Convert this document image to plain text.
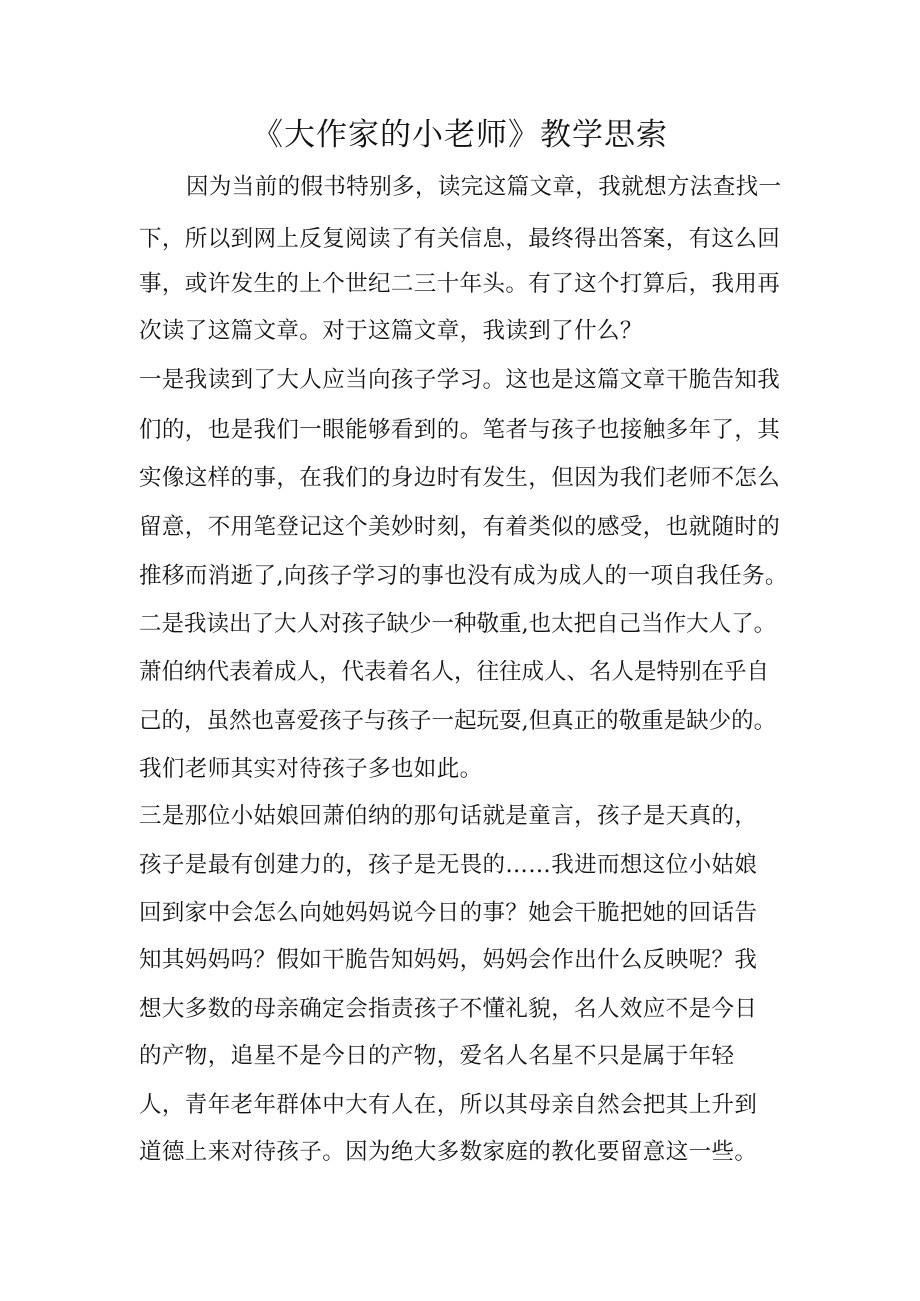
《大作家的小老师》教学思索
因为当前的假书特别多，读完这篇文章，我就想方法查找一
下，所以到网上反复阅读了有关信息，最终得出答案，有这么回
事，或许发生的上个世纪二三十年头。有了这个打算后，我用再
次读了这篇文章。对于这篇文章，我读到了什么？
一是我读到了大人应当向孩子学习。这也是这篇文章干脆告知我
们的，也是我们一眼能够看到的。笔者与孩子也接触多年了，其
实像这样的事，在我们的身边时有发生，但因为我们老师不怎么
留意，不用笔登记这个美妙时刻，有着类似的感受，也就随时的
推移而消逝了,向孩子学习的事也没有成为成人的一项自我任务。
二是我读出了大人对孩子缺少一种敬重,也太把自己当作大人了。
萧伯纳代表着成人，代表着名人，往往成人、名人是特别在乎自
己的，虽然也喜爱孩子与孩子一起玩耍,但真正的敬重是缺少的。
我们老师其实对待孩子多也如此。
三是那位小姑娘回萧伯纳的那句话就是童言，孩子是天真的，
孩子是最有创建力的，孩子是无畏的……我进而想这位小姑娘
回到家中会怎么向她妈妈说今日的事？她会干脆把她的回话告
知其妈妈吗？假如干脆告知妈妈，妈妈会作出什么反映呢？我
想大多数的母亲确定会指责孩子不懂礼貌，名人效应不是今日
的产物，追星不是今日的产物，爱名人名星不只是属于年轻
人，青年老年群体中大有人在，所以其母亲自然会把其上升到
道德上来对待孩子。因为绝大多数家庭的教化要留意这一些。
